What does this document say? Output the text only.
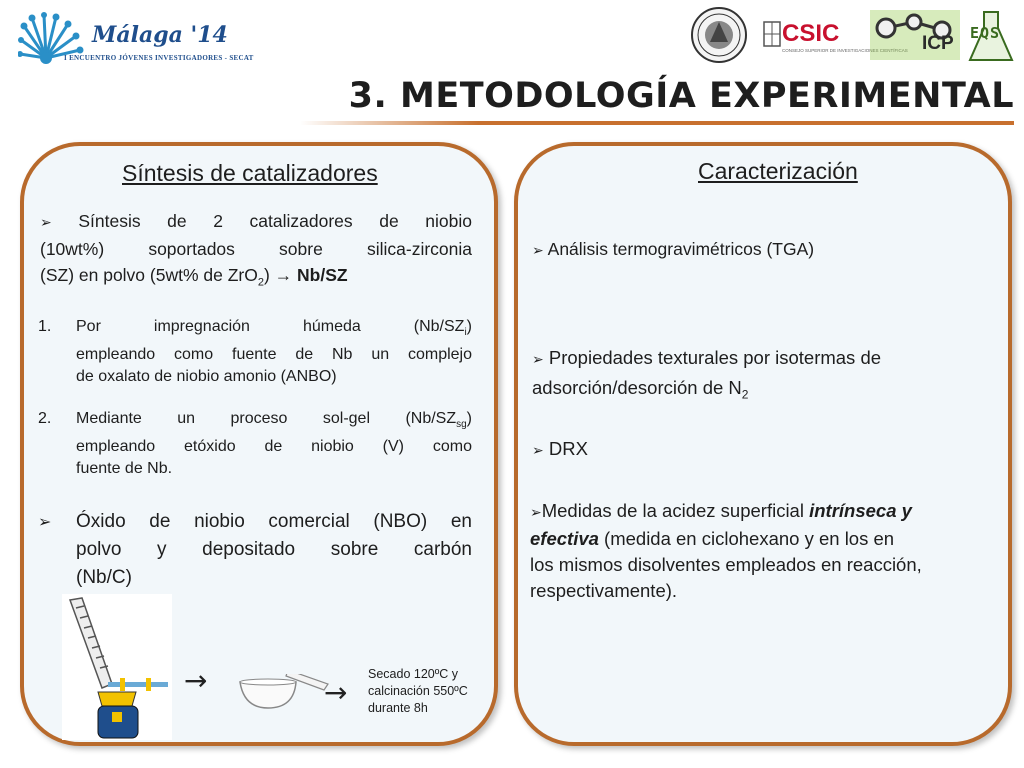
Málaga '14
I ENCUENTRO JÓVENES INVESTIGADORES - SECAT
CSIC
CONSEJO SUPERIOR DE INVESTIGACIONES CIENTÍFICAS ICP EQS
3. METODOLOGÍA EXPERIMENTAL
Síntesis de catalizadores
➢ Síntesis de 2 catalizadores de niobio
(10wt%) soportados sobre silica-zirconia
(SZ) en polvo (5wt% de ZrO$_2$) → Nb/SZ
1. Por impregnación húmeda $(Nb/SZ_i)$
empleando como fuente de Nb un complejo
de oxalato de niobio amonio (ANBO)
2. Mediante un proceso sol-gel $(Nb/SZ_{sg})$
empleando etóxido de niobio (V) como
fuente de Nb.
➢ Óxido de niobio comercial (NBO) en
polvo y depositado sobre carbón
(Nb/C)
→	→
Secado 120ºC y
calcinación 550ºC
durante 8h
Caracterización
➢ Análisis termogravimétricos (TGA)
➢ Propiedades texturales por isotermas de
adsorción/desorción de $N_2$
➢ DRX
➢Medidas de la acidez superficial intrínseca y
efectiva (medida en ciclohexano y en los en
los mismos disolventes empleados en reacción,
respectivamente).
